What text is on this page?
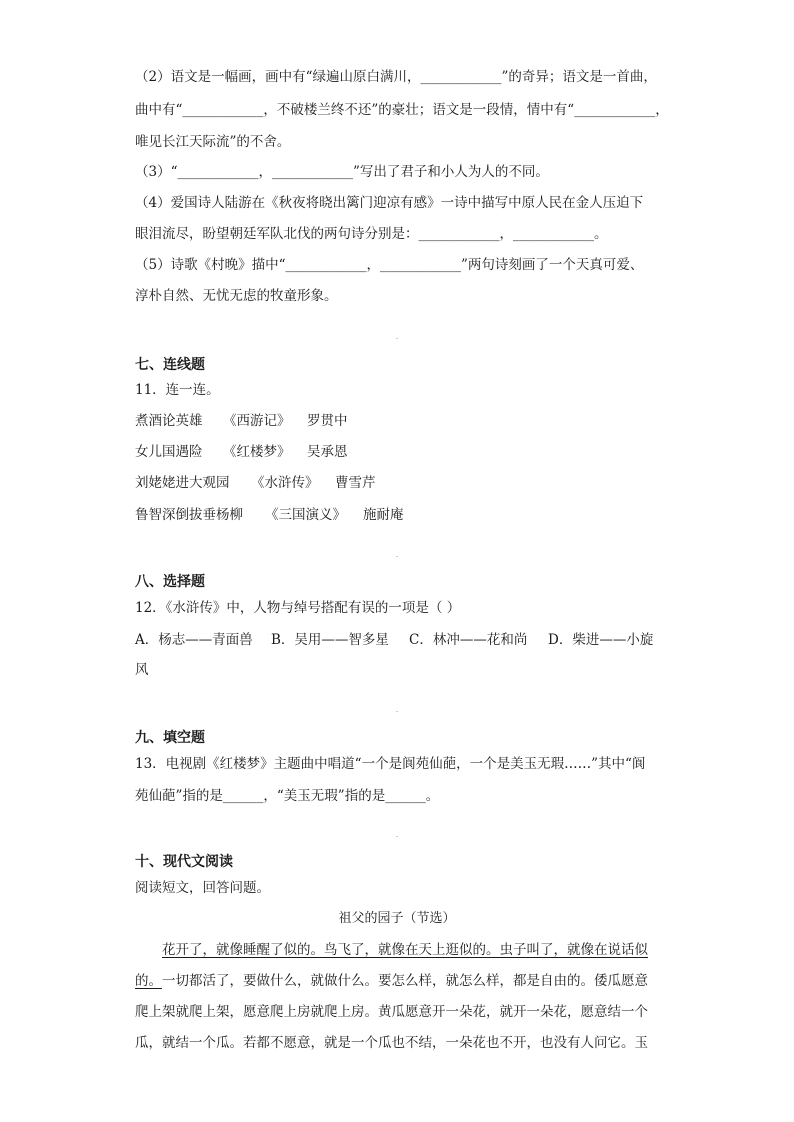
（2）语文是一幅画，画中有“绿遍山原白满川，____________”的奇异；语文是一首曲，
曲中有“____________，不破楼兰终不还”的豪壮；语文是一段情，情中有“____________，
唯见长江天际流”的不舍。
（3）“____________，____________”写出了君子和小人为人的不同。
（4）爱国诗人陆游在《秋夜将晓出篱门迎凉有感》一诗中描写中原人民在金人压迫下
眼泪流尽，盼望朝廷军队北伐的两句诗分别是：____________，____________。
（5）诗歌《村晚》描中“____________，____________”两句诗刻画了一个天真可爱、
淳朴自然、无忧无虑的牧童形象。
七、连线题
11．连一连。
煮酒论英雄 《西游记》 罗贯中
女儿国遇险 《红楼梦》 吴承恩
刘姥姥进大观园 《水浒传》 曹雪芹
鲁智深倒拔垂杨柳 《三国演义》 施耐庵
八、选择题
12．《水浒传》中，人物与绰号搭配有误的一项是（ ）
A．杨志——青面兽 B．吴用——智多星 C．林冲——花和尚 D．柴进——小旋
风
九、填空题
13．电视剧《红楼梦》主题曲中唱道“一个是阆苑仙葩，一个是美玉无瑕……”其中“阆
苑仙葩”指的是______，“美玉无瑕”指的是______。
十、现代文阅读
阅读短文，回答问题。
祖父的园子（节选）
花开了，就像睡醒了似的。鸟飞了，就像在天上逛似的。虫子叫了，就像在说话似
的。一切都活了，要做什么，就做什么。要怎么样，就怎么样，都是自由的。倭瓜愿意
爬上架就爬上架，愿意爬上房就爬上房。黄瓜愿意开一朵花，就开一朵花，愿意结一个
瓜，就结一个瓜。若都不愿意，就是一个瓜也不结，一朵花也不开，也没有人问它。玉
